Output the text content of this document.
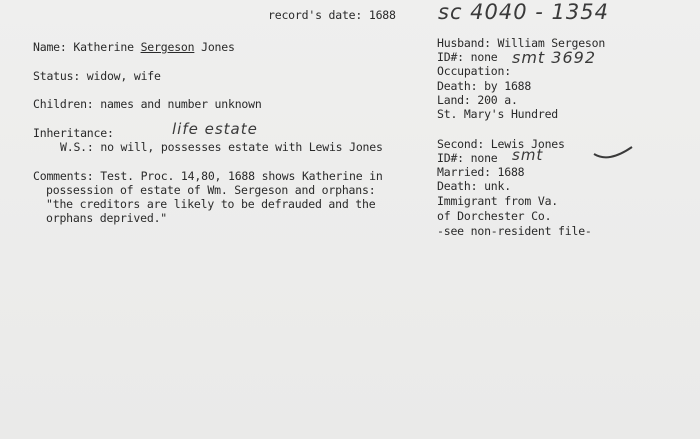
record's date: 1688 sc 4040 - 1354
Name: Katherine Sergeson Jones
Status: widow, wife
Children: names and number unknown
Inheritance:	life estate
W.S.: no will, possesses estate with Lewis Jones
Comments: Test. Proc. 14,80, 1688 shows Katherine in
possession of estate of Wm. Sergeson and orphans:
"the creditors are likely to be defrauded and the
orphans deprived."
Husband: William Sergeson
ID#: none smt 3692
Occupation:
Death: by 1688
Land: 200 a.
St. Mary's Hundred
Second: Lewis Jones
ID#: none smt
Married: 1688
Death: unk.
Immigrant from Va.
of Dorchester Co.
-see non-resident file-
